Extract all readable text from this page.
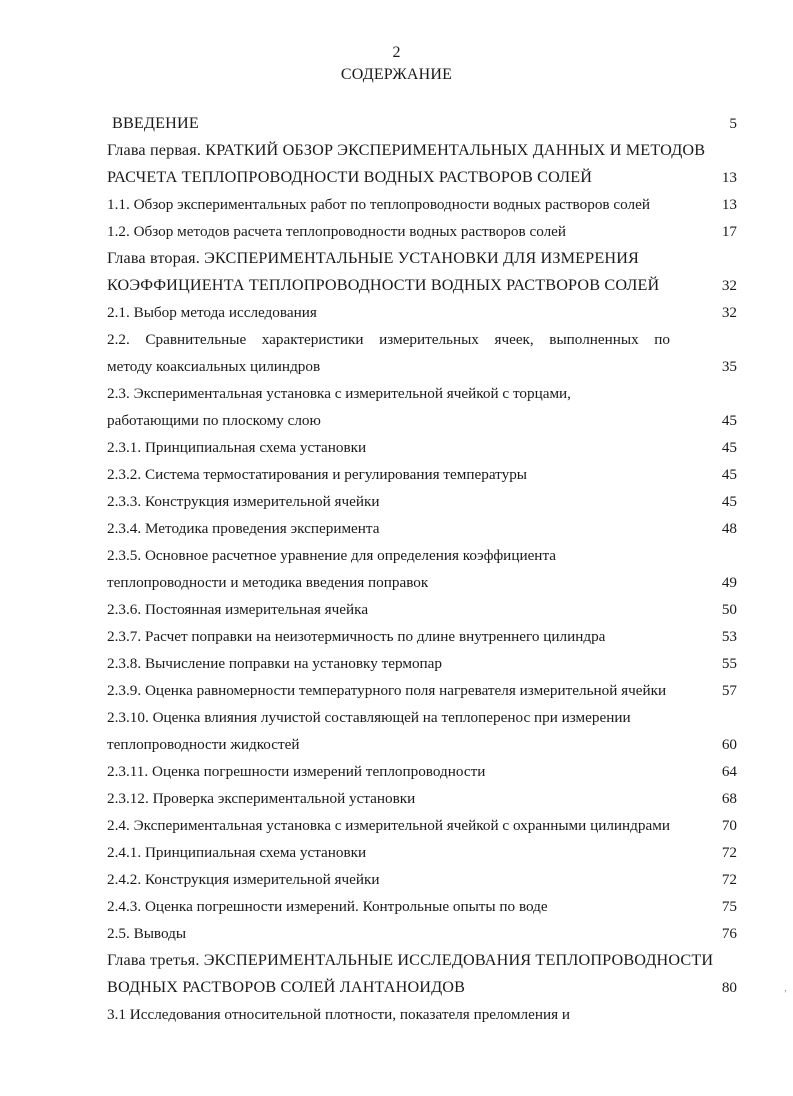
2
СОДЕРЖАНИЕ
ВВЕДЕНИЕ	5
Глава первая. КРАТКИЙ ОБЗОР ЭКСПЕРИМЕНТАЛЬНЫХ ДАННЫХ И МЕТОДОВ
РАСЧЕТА ТЕПЛОПРОВОДНОСТИ ВОДНЫХ РАСТВОРОВ СОЛЕЙ	13
1.1. Обзор экспериментальных работ по теплопроводности водных растворов солей	13
1.2. Обзор методов расчета теплопроводности водных растворов солей	17
Глава вторая. ЭКСПЕРИМЕНТАЛЬНЫЕ УСТАНОВКИ ДЛЯ ИЗМЕРЕНИЯ
КОЭФФИЦИЕНТА ТЕПЛОПРОВОДНОСТИ ВОДНЫХ РАСТВОРОВ СОЛЕЙ	32
2.1. Выбор метода исследования	32
2.2. Сравнительные характеристики измерительных ячеек, выполненных по
методу коаксиальных цилиндров	35
2.3. Экспериментальная установка с измерительной ячейкой с торцами,
работающими по плоскому слою	45
2.3.1. Принципиальная схема установки	45
2.3.2. Система термостатирования и регулирования температуры	45
2.3.3. Конструкция измерительной ячейки	45
2.3.4. Методика проведения эксперимента	48
2.3.5. Основное расчетное уравнение для определения коэффициента
теплопроводности и методика введения поправок	49
2.3.6. Постоянная измерительная ячейка	50
2.3.7. Расчет поправки на неизотермичность по длине внутреннего цилиндра	53
2.3.8. Вычисление поправки на установку термопар	55
2.3.9. Оценка равномерности температурного поля нагревателя измерительной ячейки	57
2.3.10. Оценка влияния лучистой составляющей на теплоперенос при измерении
теплопроводности жидкостей	60
2.3.11. Оценка погрешности измерений теплопроводности	64
2.3.12. Проверка экспериментальной установки	68
2.4. Экспериментальная установка с измерительной ячейкой с охранными цилиндрами	70
2.4.1. Принципиальная схема установки	72
2.4.2. Конструкция измерительной ячейки	72
2.4.3. Оценка погрешности измерений. Контрольные опыты по воде	75
2.5. Выводы	76
Глава третья. ЭКСПЕРИМЕНТАЛЬНЫЕ ИССЛЕДОВАНИЯ ТЕПЛОПРОВОДНОСТИ
ВОДНЫХ РАСТВОРОВ СОЛЕЙ ЛАНТАНОИДОВ	80
3.1 Исследования относительной плотности, показателя преломления и
‚
